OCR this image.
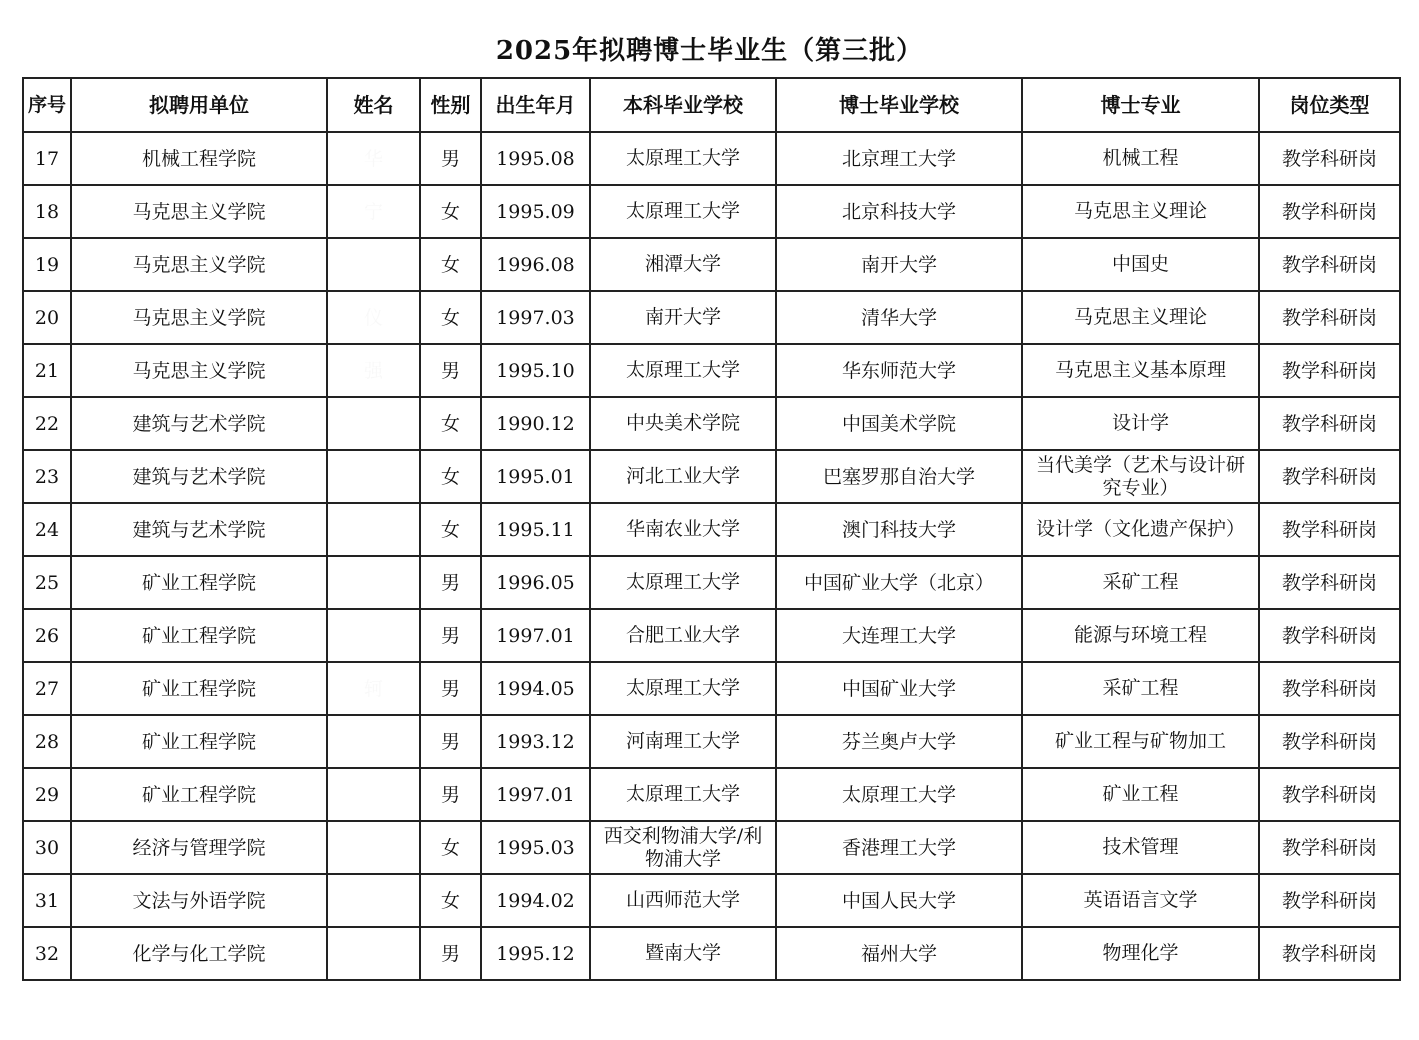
2025年拟聘博士毕业生（第三批）
序号	拟聘用单位	姓名	性别	出生年月	本科毕业学校	博士毕业学校	博士专业	岗位类型
17	机械工程学院		男	1995.08	太原理工大学	北京理工大学	机械工程	教学科研岗
18	马克思主义学院		女	1995.09	太原理工大学	北京科技大学	马克思主义理论	教学科研岗
19	马克思主义学院		女	1996.08	湘潭大学	南开大学	中国史	教学科研岗
20	马克思主义学院		女	1997.03	南开大学	清华大学	马克思主义理论	教学科研岗
21	马克思主义学院		男	1995.10	太原理工大学	华东师范大学	马克思主义基本原理	教学科研岗
22	建筑与艺术学院		女	1990.12	中央美术学院	中国美术学院	设计学	教学科研岗
23	建筑与艺术学院		女	1995.01	河北工业大学	巴塞罗那自治大学	当代美学（艺术与设计研究专业）	教学科研岗
24	建筑与艺术学院		女	1995.11	华南农业大学	澳门科技大学	设计学（文化遗产保护）	教学科研岗
25	矿业工程学院		男	1996.05	太原理工大学	中国矿业大学（北京）	采矿工程	教学科研岗
26	矿业工程学院		男	1997.01	合肥工业大学	大连理工大学	能源与环境工程	教学科研岗
27	矿业工程学院		男	1994.05	太原理工大学	中国矿业大学	采矿工程	教学科研岗
28	矿业工程学院		男	1993.12	河南理工大学	芬兰奥卢大学	矿业工程与矿物加工	教学科研岗
29	矿业工程学院		男	1997.01	太原理工大学	太原理工大学	矿业工程	教学科研岗
30	经济与管理学院		女	1995.03	西交利物浦大学/利物浦大学	香港理工大学	技术管理	教学科研岗
31	文法与外语学院		女	1994.02	山西师范大学	中国人民大学	英语语言文学	教学科研岗
32	化学与化工学院		男	1995.12	暨南大学	福州大学	物理化学	教学科研岗
